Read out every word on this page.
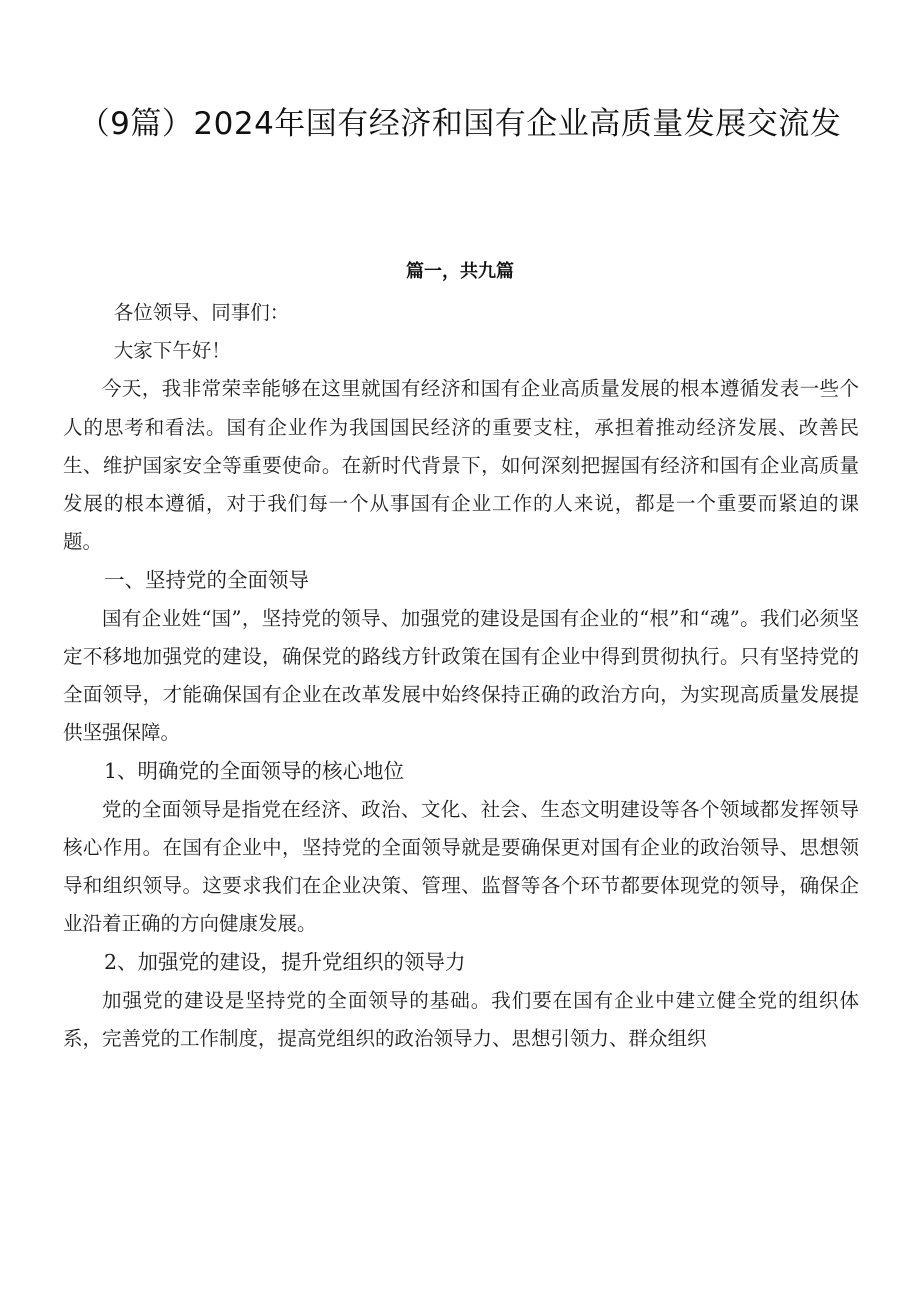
（9篇）2024年国有经济和国有企业高质量发展交流发
篇一，共九篇

各位领导、同事们：

大家下午好！

今天，我非常荣幸能够在这里就国有经济和国有企业高质量发展的根本遵循发表一些个人的思考和看法。国有企业作为我国国民经济的重要支柱，承担着推动经济发展、改善民生、维护国家安全等重要使命。在新时代背景下，如何深刻把握国有经济和国有企业高质量发展的根本遵循，对于我们每一个从事国有企业工作的人来说，都是一个重要而紧迫的课题。

一、坚持党的全面领导

国有企业姓“国”，坚持党的领导、加强党的建设是国有企业的“根”和“魂”。我们必须坚定不移地加强党的建设，确保党的路线方针政策在国有企业中得到贯彻执行。只有坚持党的全面领导，才能确保国有企业在改革发展中始终保持正确的政治方向，为实现高质量发展提供坚强保障。

1、明确党的全面领导的核心地位

党的全面领导是指党在经济、政治、文化、社会、生态文明建设等各个领域都发挥领导核心作用。在国有企业中，坚持党的全面领导就是要确保更对国有企业的政治领导、思想领导和组织领导。这要求我们在企业决策、管理、监督等各个环节都要体现党的领导，确保企业沿着正确的方向健康发展。

2、加强党的建设，提升党组织的领导力

加强党的建设是坚持党的全面领导的基础。我们要在国有企业中建立健全党的组织体系，完善党的工作制度，提高党组织的政治领导力、思想引领力、群众组织
